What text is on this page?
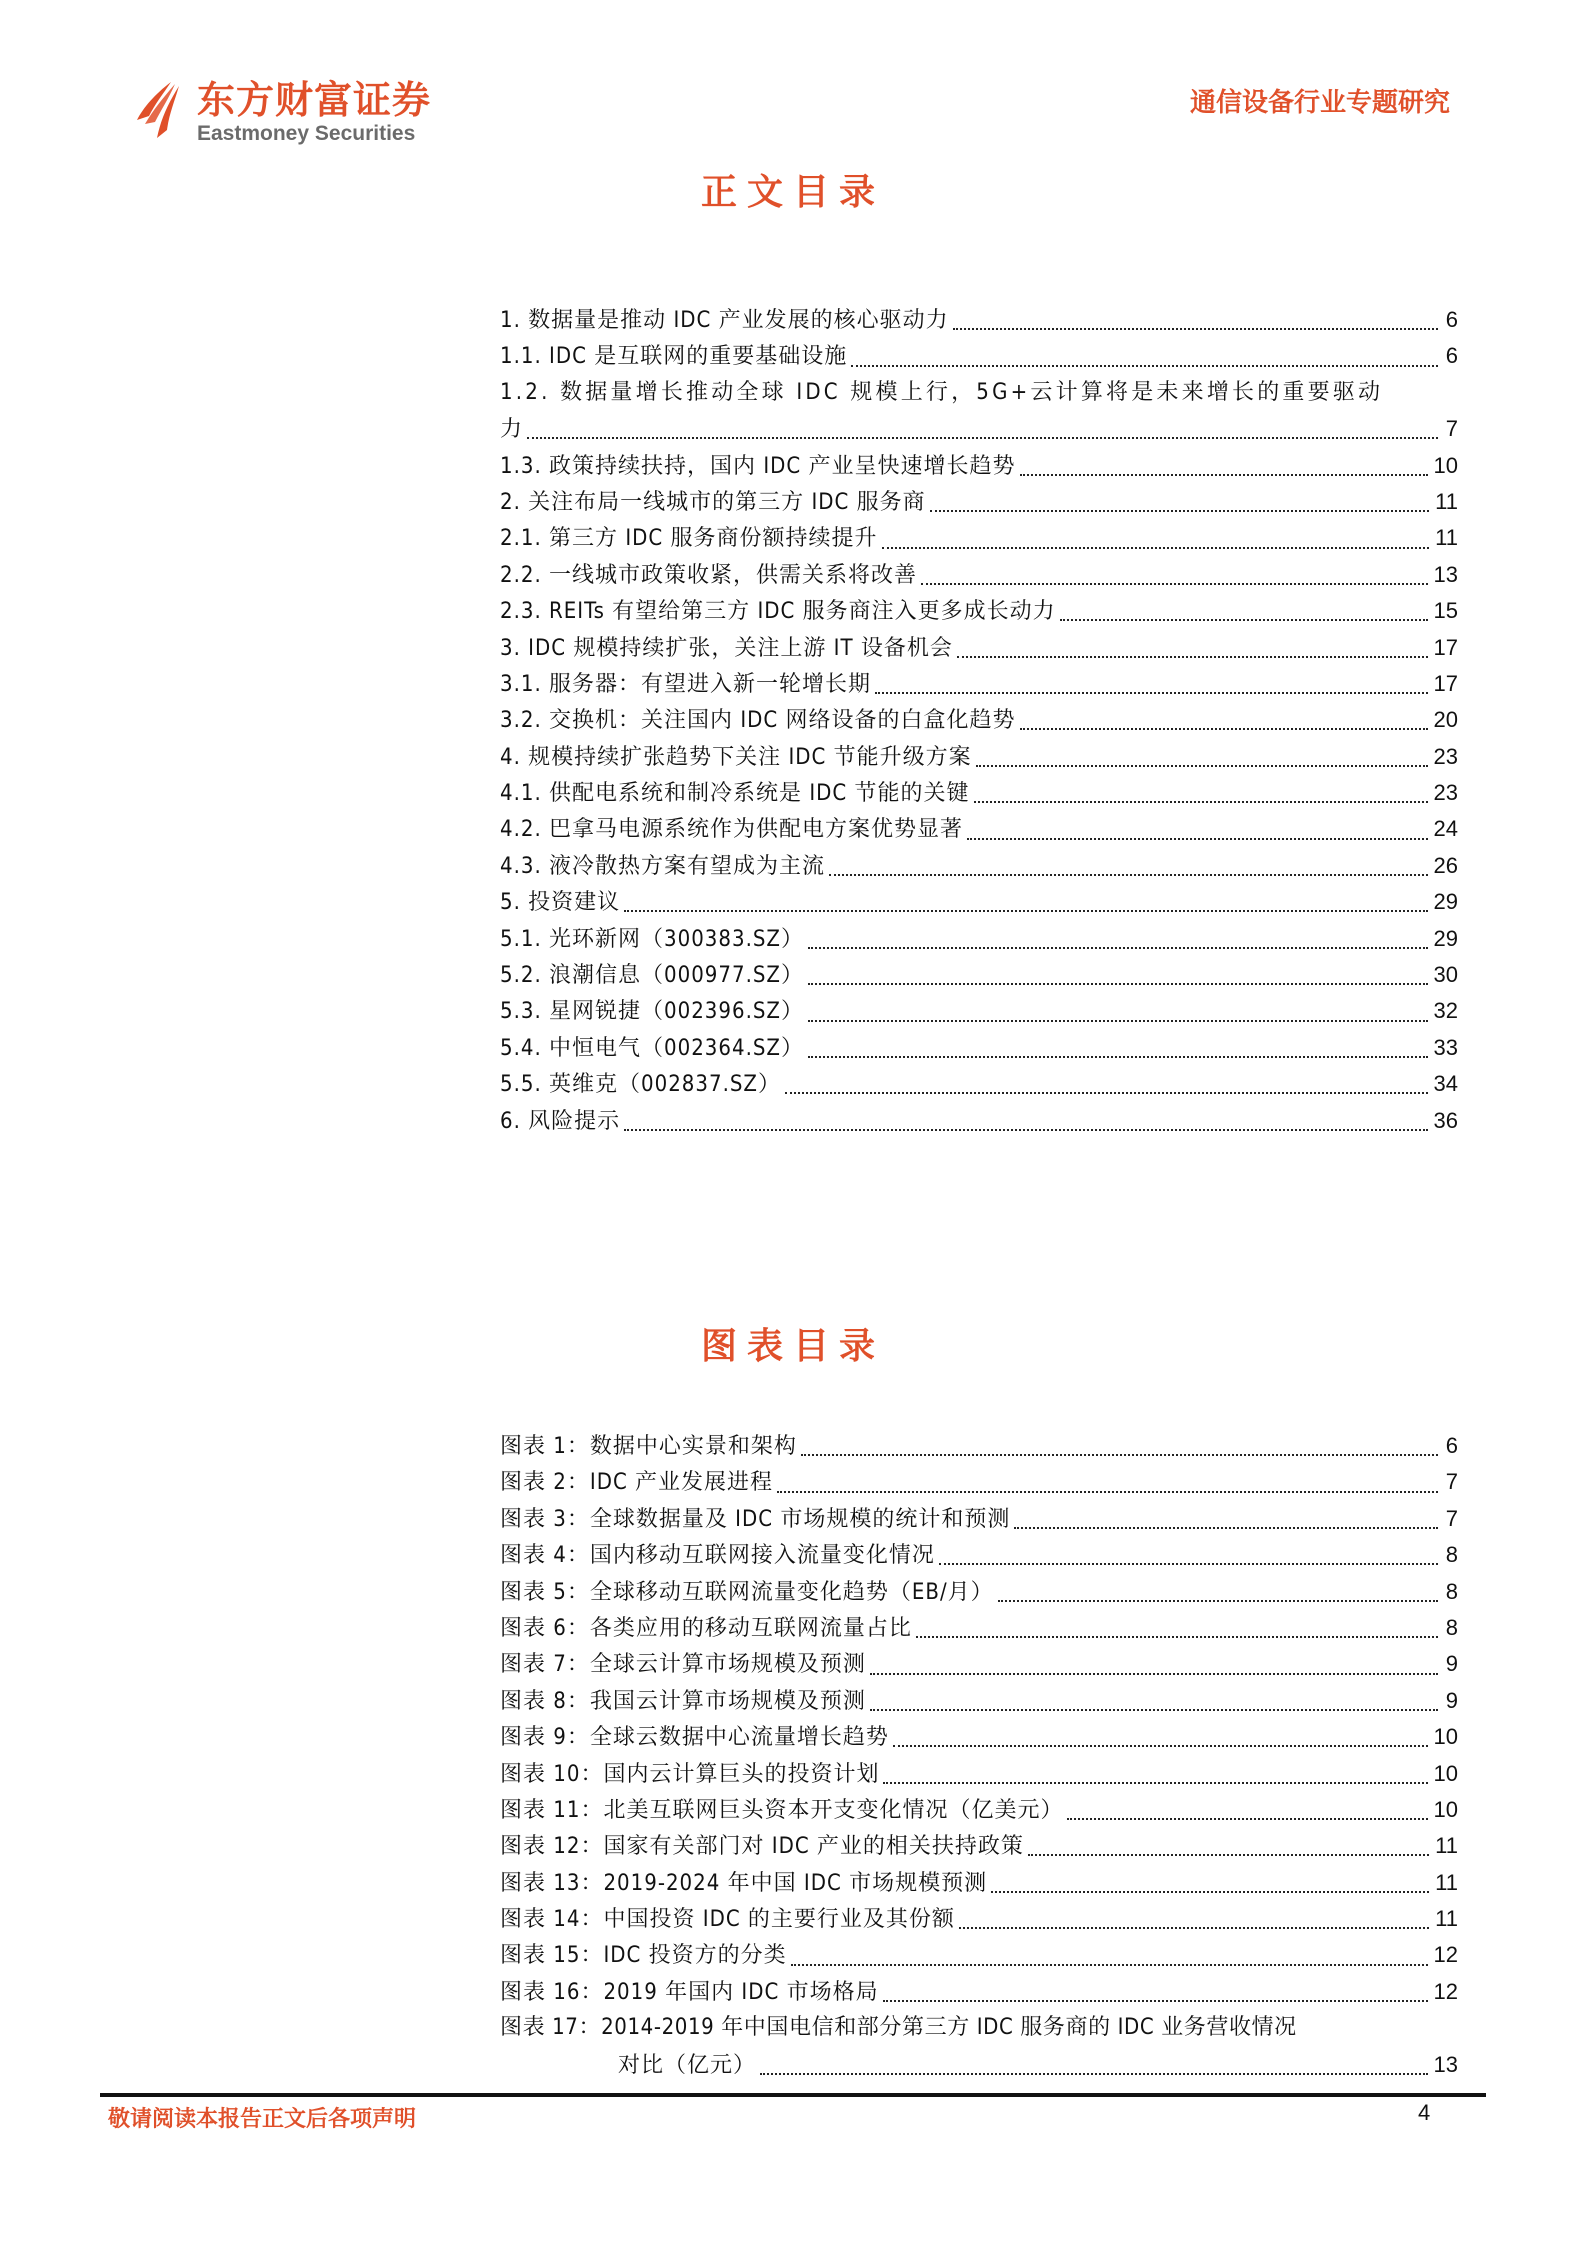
东方财富证券
Eastmoney Securities
通信设备行业专题研究
正文目录
1. 数据量是推动 IDC 产业发展的核心驱动力	6
1.1. IDC 是互联网的重要基础设施	6
1.2. 数据量增长推动全球 IDC 规模上行，5G+云计算将是未来增长的重要驱动
力	7
1.3. 政策持续扶持，国内 IDC 产业呈快速增长趋势	10
2. 关注布局一线城市的第三方 IDC 服务商	11
2.1. 第三方 IDC 服务商份额持续提升	11
2.2. 一线城市政策收紧，供需关系将改善	13
2.3. REITs 有望给第三方 IDC 服务商注入更多成长动力	15
3. IDC 规模持续扩张，关注上游 IT 设备机会	17
3.1. 服务器：有望进入新一轮增长期	17
3.2. 交换机：关注国内 IDC 网络设备的白盒化趋势	20
4. 规模持续扩张趋势下关注 IDC 节能升级方案	23
4.1. 供配电系统和制冷系统是 IDC 节能的关键	23
4.2. 巴拿马电源系统作为供配电方案优势显著	24
4.3. 液冷散热方案有望成为主流	26
5. 投资建议	29
5.1. 光环新网（300383.SZ）	29
5.2. 浪潮信息（000977.SZ）	30
5.3. 星网锐捷（002396.SZ）	32
5.4. 中恒电气（002364.SZ）	33
5.5. 英维克（002837.SZ）	34
6. 风险提示	36
图表目录
图表 1：数据中心实景和架构	6
图表 2：IDC 产业发展进程	7
图表 3：全球数据量及 IDC 市场规模的统计和预测	7
图表 4：国内移动互联网接入流量变化情况	8
图表 5：全球移动互联网流量变化趋势（EB/月）	8
图表 6：各类应用的移动互联网流量占比	8
图表 7：全球云计算市场规模及预测	9
图表 8：我国云计算市场规模及预测	9
图表 9：全球云数据中心流量增长趋势	10
图表 10：国内云计算巨头的投资计划	10
图表 11：北美互联网巨头资本开支变化情况（亿美元）	10
图表 12：国家有关部门对 IDC 产业的相关扶持政策	11
图表 13：2019-2024 年中国 IDC 市场规模预测	11
图表 14：中国投资 IDC 的主要行业及其份额	11
图表 15：IDC 投资方的分类	12
图表 16：2019 年国内 IDC 市场格局	12
图表 17：2014-2019 年中国电信和部分第三方 IDC 服务商的 IDC 业务营收情况
对比（亿元）	13
敬请阅读本报告正文后各项声明	4
